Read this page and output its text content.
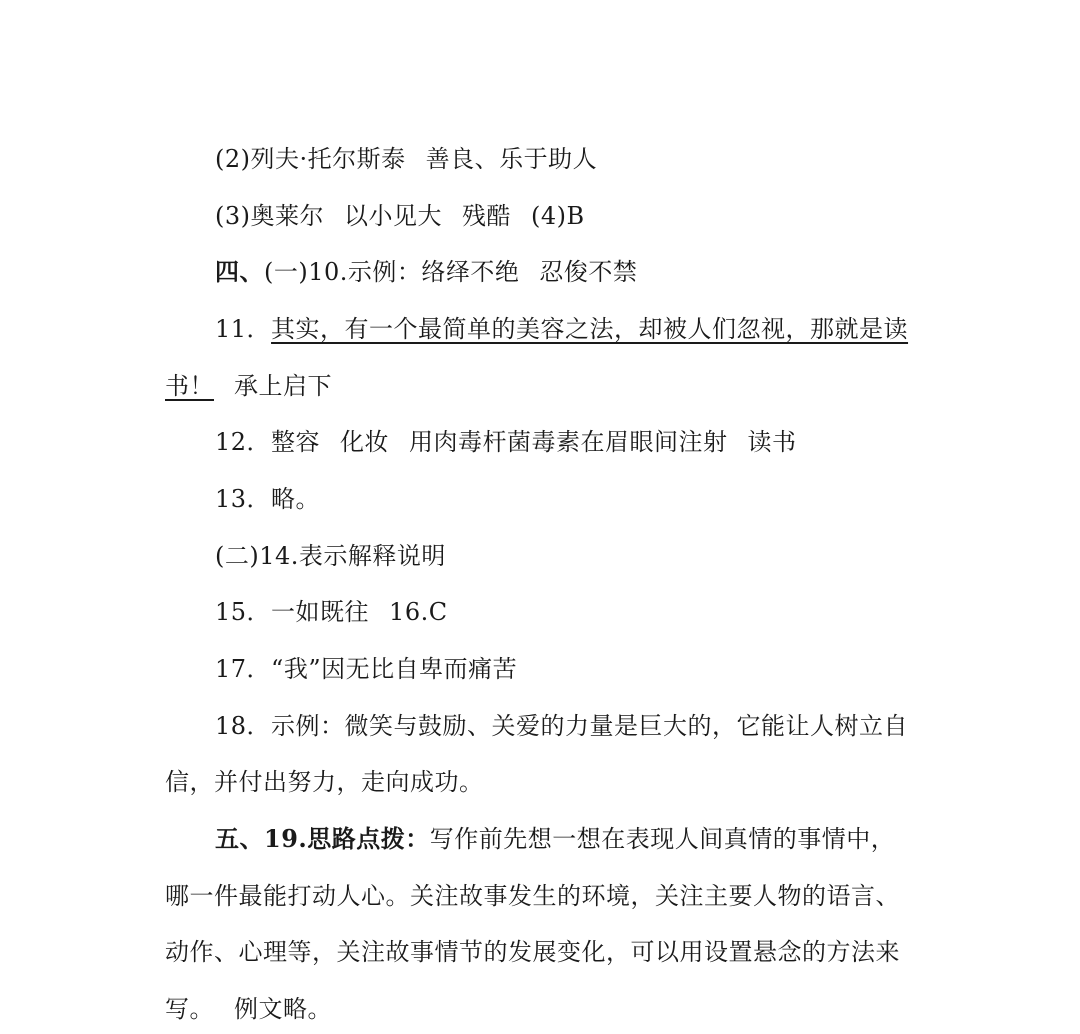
(2)列夫·托尔斯泰 善良、乐于助人
(3)奥莱尔 以小见大 残酷 (4)B
四、(一)10.示例：络绎不绝 忍俊不禁
11．其实，有一个最简单的美容之法，却被人们忽视，那就是读
书！ 承上启下
12．整容 化妆 用肉毒杆菌毒素在眉眼间注射 读书
13．略。
(二)14.表示解释说明
15．一如既往 16.C
17．“我”因无比自卑而痛苦
18．示例：微笑与鼓励、关爱的力量是巨大的，它能让人树立自
信，并付出努力，走向成功。
五、19.思路点拨：写作前先想一想在表现人间真情的事情中，
哪一件最能打动人心。关注故事发生的环境，关注主要人物的语言、
动作、心理等，关注故事情节的发展变化，可以用设置悬念的方法来
写。 例文略。
